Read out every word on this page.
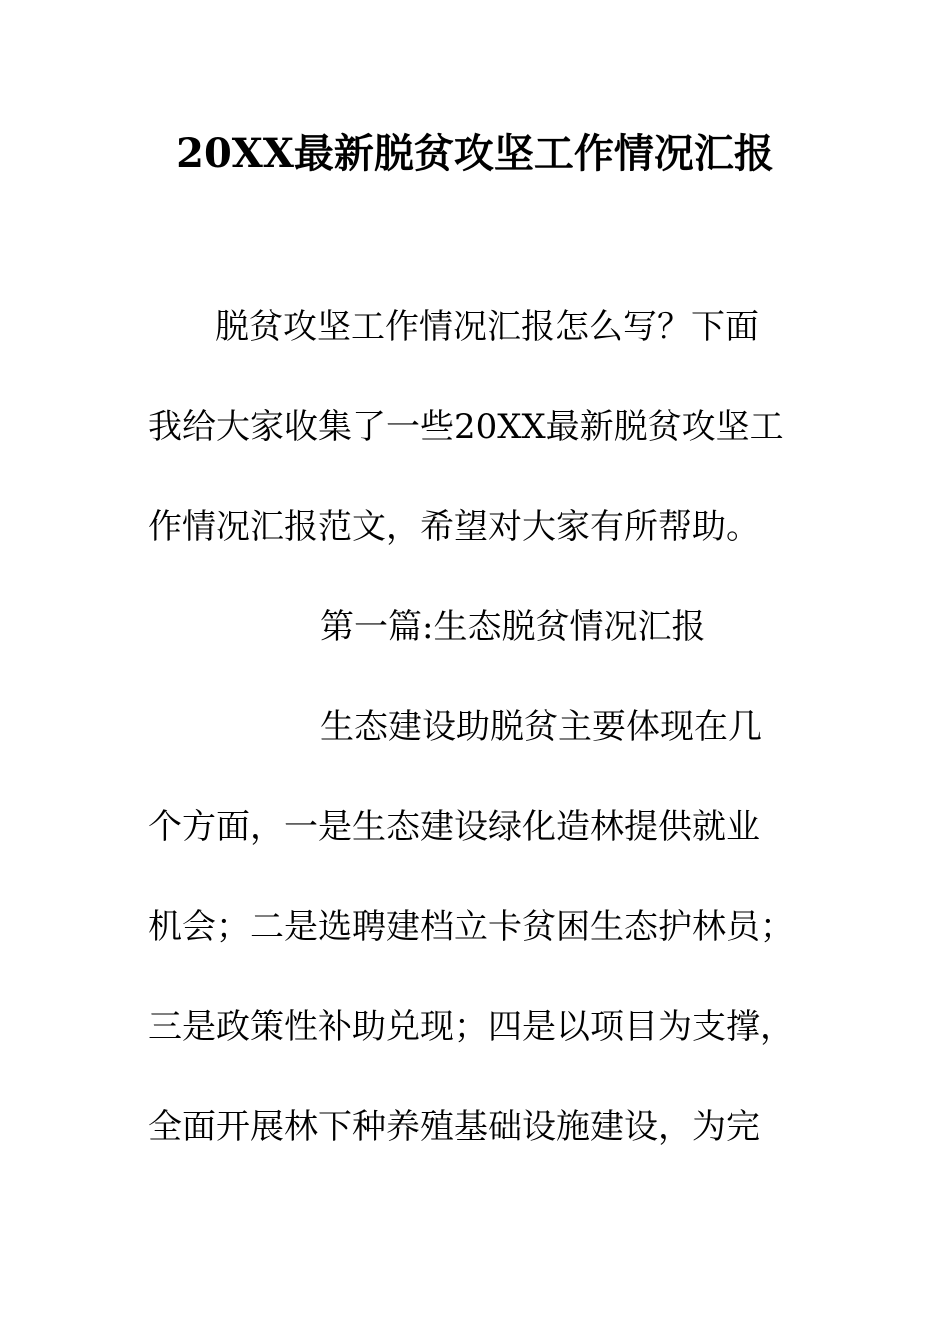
20XX最新脱贫攻坚工作情况汇报
脱贫攻坚工作情况汇报怎么写？下面
我给大家收集了一些20XX最新脱贫攻坚工
作情况汇报范文，希望对大家有所帮助。
第一篇:生态脱贫情况汇报
生态建设助脱贫主要体现在几
个方面，一是生态建设绿化造林提供就业
机会；二是选聘建档立卡贫困生态护林员；
三是政策性补助兑现；四是以项目为支撑，
全面开展林下种养殖基础设施建设，为完
